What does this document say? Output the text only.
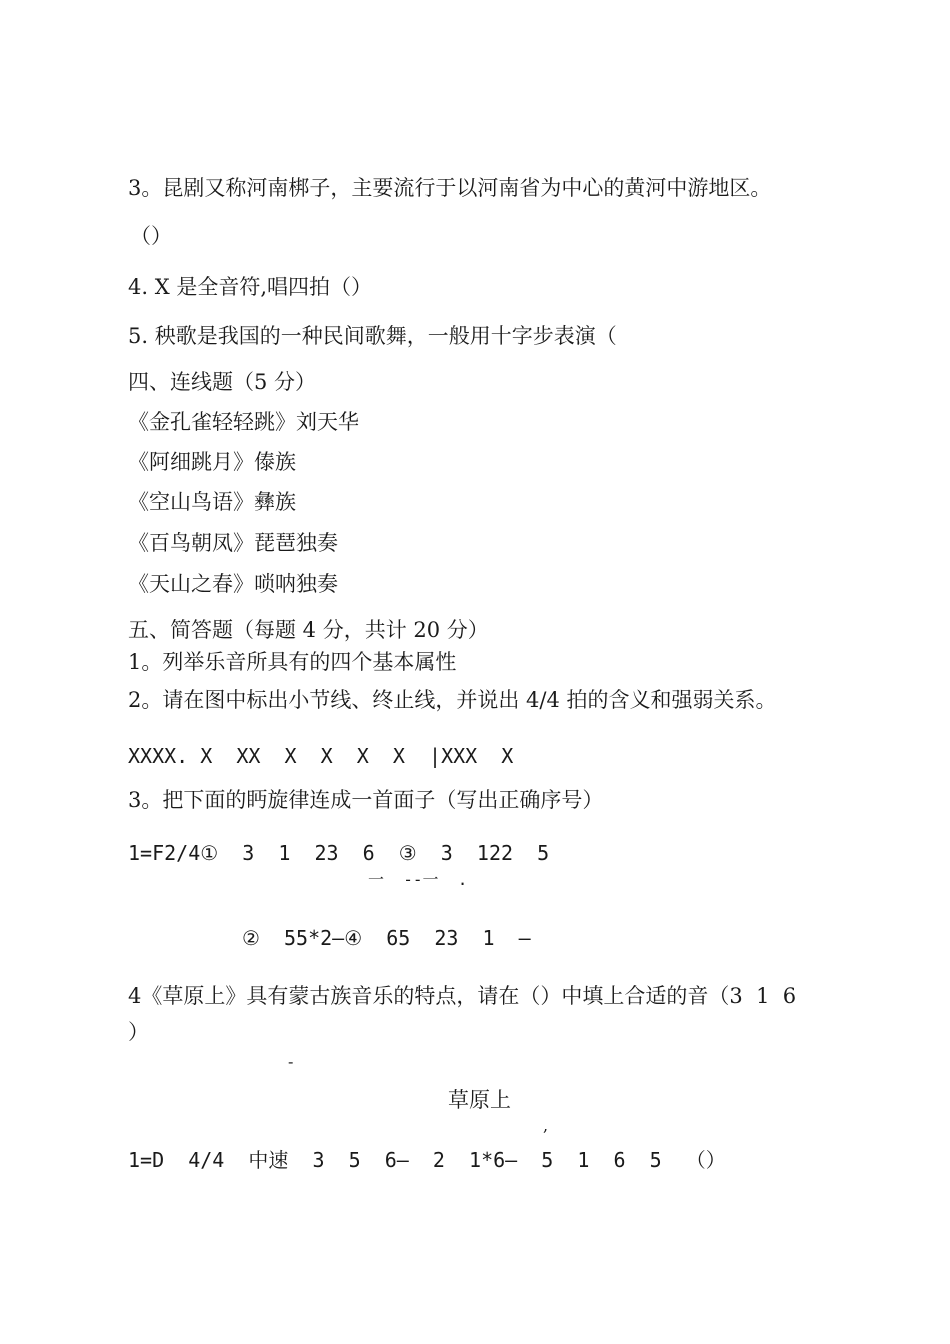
3。昆剧又称河南梆子，主要流行于以河南省为中心的黄河中游地区。
（）
4. X 是全音符,唱四拍（）
5. 秧歌是我国的一种民间歌舞，一般用十字步表演（
四、连线题（5 分）
《金孔雀轻轻跳》刘天华
《阿细跳月》傣族
《空山鸟语》彝族
《百鸟朝凤》琵琶独奏
《天山之春》唢呐独奏
五、简答题（每题 4 分，共计 20 分）
1。列举乐音所具有的四个基本属性
2。请在图中标出小节线、终止线，并说出 4/4 拍的含义和强弱关系。
XXXX. X  XX  X  X  X  X  |XXX  X
3。把下面的眄旋律连成一首面子（写出正确序号）
1=F2/4①  3  1  23  6  ③  3  122  5
一  --一  .
②  55*2—④  65  23  1  —
4《草原上》具有蒙古族音乐的特点，请在（）中填上合适的音（3  1  6
）
-
草原上
,
1=D  4/4  中速  3  5  6—  2  1*6—  5  1  6  5  （）
